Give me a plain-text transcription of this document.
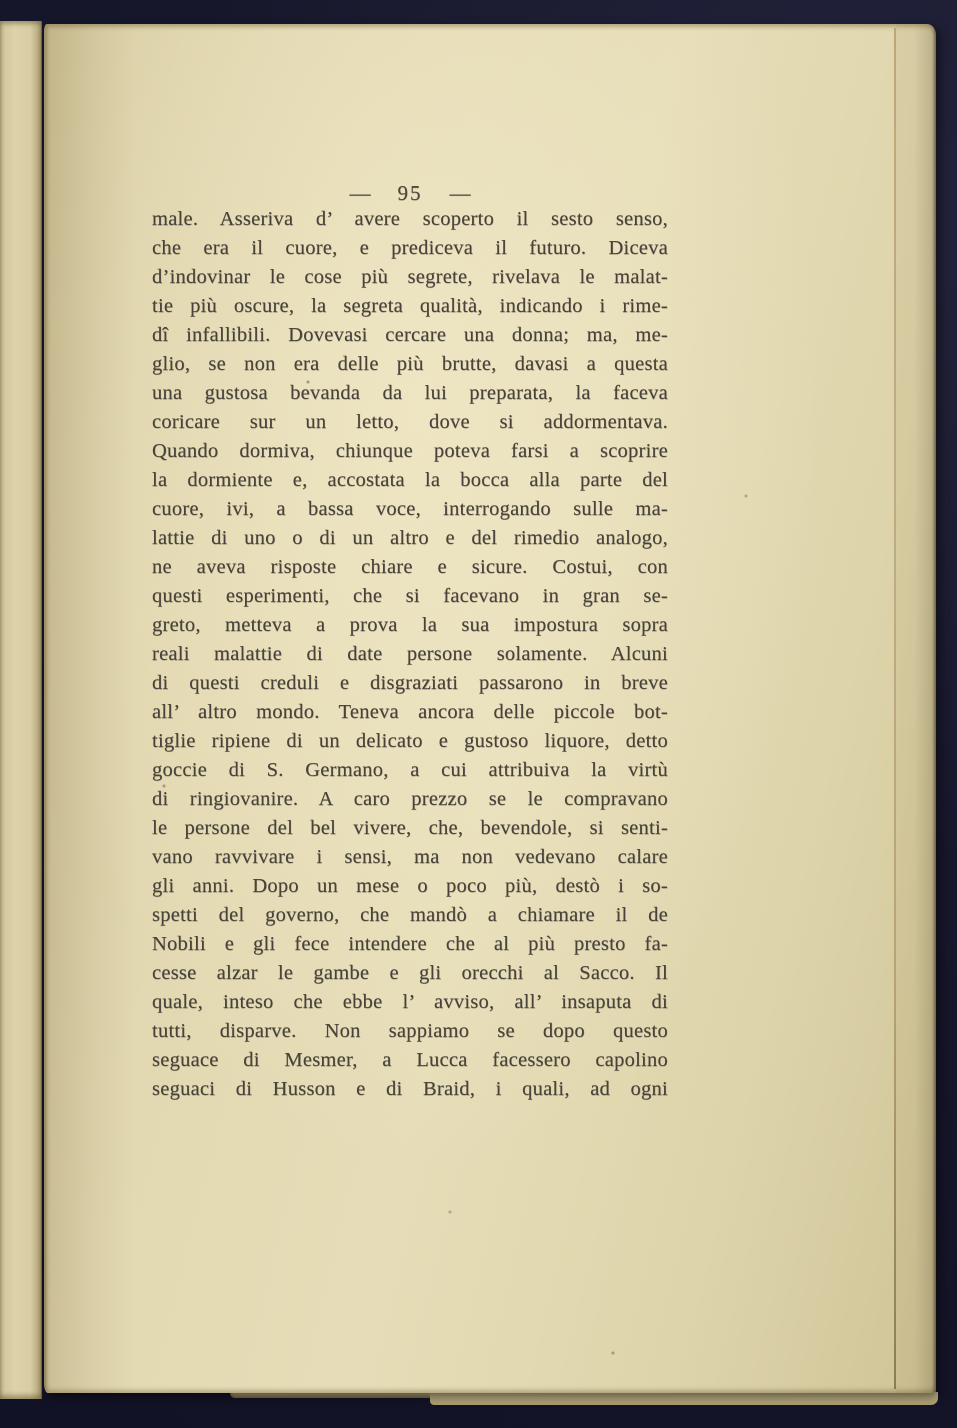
— 95 —
male. Asseriva d’ avere scoperto il sesto senso,
che era il cuore, e prediceva il futuro. Diceva
d’indovinar le cose più segrete, rivelava le malat-
tie più oscure, la segreta qualità, indicando i rime-
dî infallibili. Dovevasi cercare una donna; ma, me-
glio, se non era delle più brutte, davasi a questa
una gustosa bevanda da lui preparata, la faceva
coricare sur un letto, dove si addormentava.
Quando dormiva, chiunque poteva farsi a scoprire
la dormiente e, accostata la bocca alla parte del
cuore, ivi, a bassa voce, interrogando sulle ma-
lattie di uno o di un altro e del rimedio analogo,
ne aveva risposte chiare e sicure. Costui, con
questi esperimenti, che si facevano in gran se-
greto, metteva a prova la sua impostura sopra
reali malattie di date persone solamente. Alcuni
di questi creduli e disgraziati passarono in breve
all’ altro mondo. Teneva ancora delle piccole bot-
tiglie ripiene di un delicato e gustoso liquore, detto
goccie di S. Germano, a cui attribuiva la virtù
di ringiovanire. A caro prezzo se le compravano
le persone del bel vivere, che, bevendole, si senti-
vano ravvivare i sensi, ma non vedevano calare
gli anni. Dopo un mese o poco più, destò i so-
spetti del governo, che mandò a chiamare il de
Nobili e gli fece intendere che al più presto fa-
cesse alzar le gambe e gli orecchi al Sacco. Il
quale, inteso che ebbe l’ avviso, all’ insaputa di
tutti, disparve. Non sappiamo se dopo questo
seguace di Mesmer, a Lucca facessero capolino
seguaci di Husson e di Braid, i quali, ad ogni
